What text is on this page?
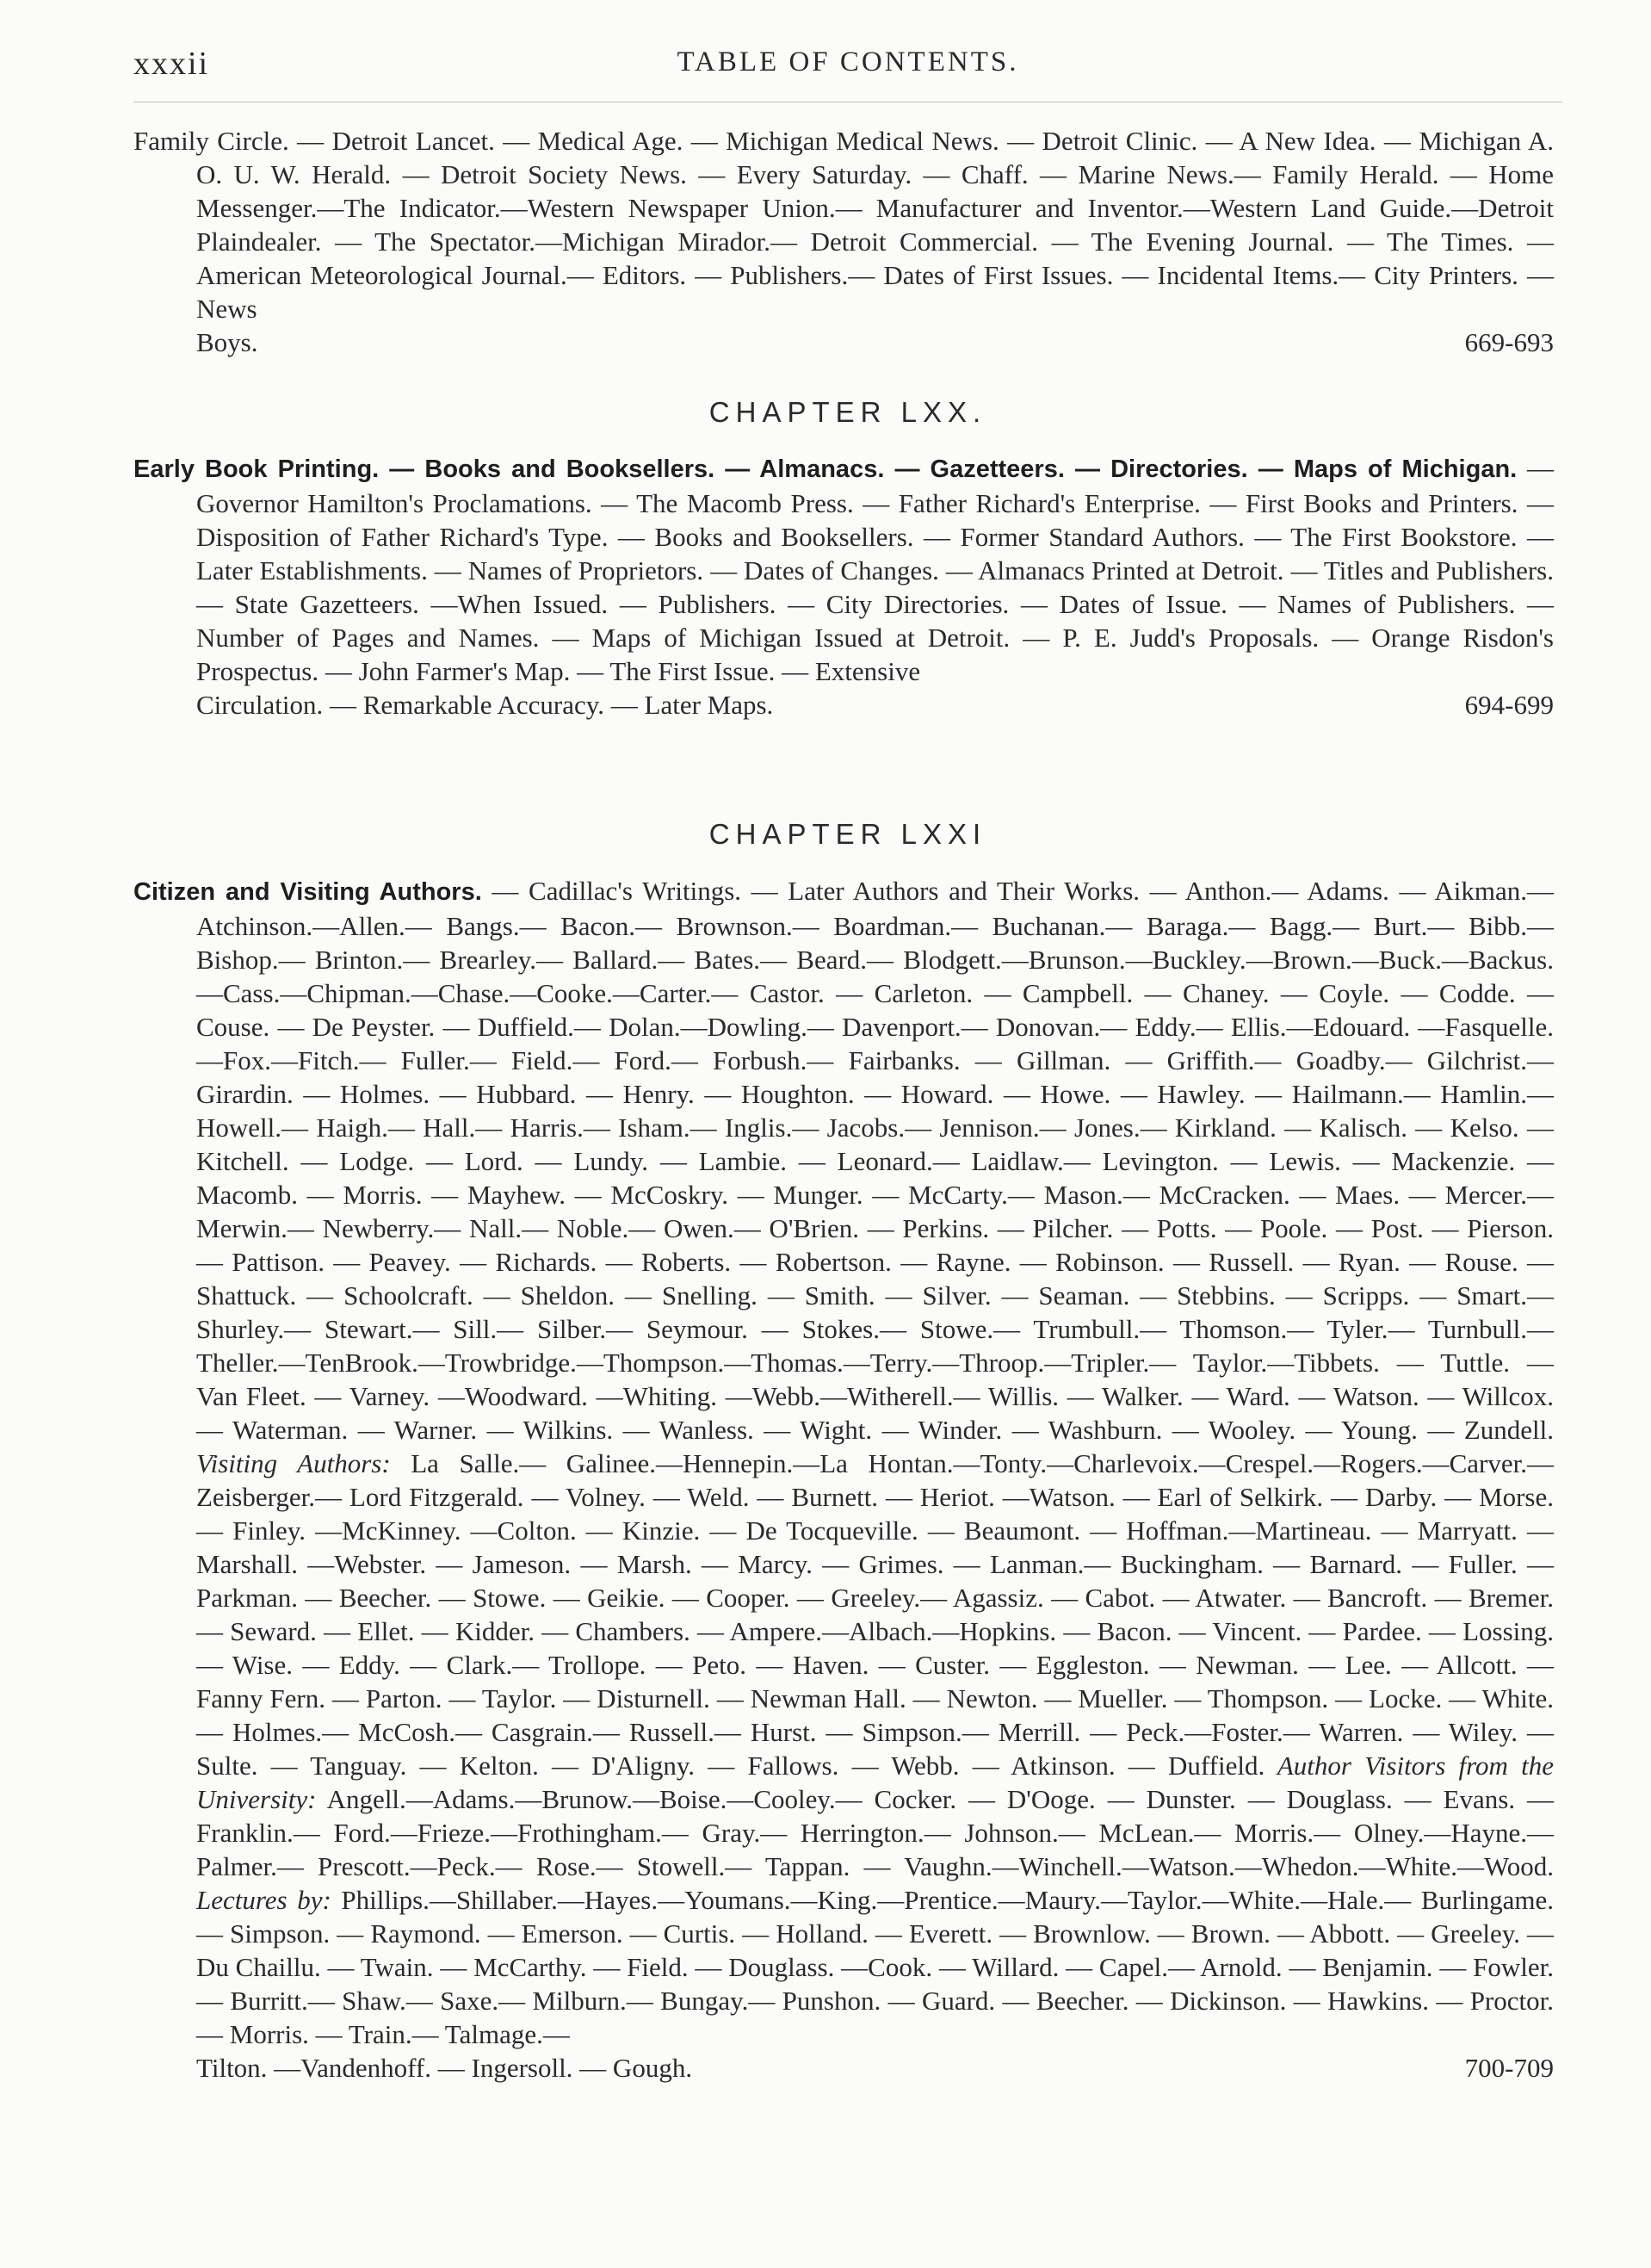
xxxii	TABLE OF CONTENTS.
Family Circle. — Detroit Lancet. — Medical Age. — Michigan Medical News. — Detroit Clinic. — A New Idea. — Michigan A. O. U. W. Herald. — Detroit Society News. — Every Saturday. — Chaff. — Marine News.— Family Herald. — Home Messenger.—The Indicator.—Western Newspaper Union.— Manufacturer and Inventor.—Western Land Guide.—Detroit Plaindealer. — The Spectator.—Michigan Mirador.— Detroit Commercial. — The Evening Journal. — The Times. — American Meteorological Journal.— Editors. — Publishers.— Dates of First Issues. — Incidental Items.— City Printers. — News
Boys.	669-693
CHAPTER LXX.
Early Book Printing. — Books and Booksellers. — Almanacs. — Gazetteers. — Directories. — Maps of Michigan. — Governor Hamilton's Proclamations. — The Macomb Press. — Father Richard's Enterprise. — First Books and Printers. — Disposition of Father Richard's Type. — Books and Booksellers. — Former Standard Authors. — The First Bookstore. — Later Establishments. — Names of Proprietors. — Dates of Changes. — Almanacs Printed at Detroit. — Titles and Publishers. — State Gazetteers. —When Issued. — Publishers. — City Directories. — Dates of Issue. — Names of Publishers. — Number of Pages and Names. — Maps of Michigan Issued at Detroit. — P. E. Judd's Proposals. — Orange Risdon's Prospectus. — John Farmer's Map. — The First Issue. — Extensive
Circulation. — Remarkable Accuracy. — Later Maps.	694-699
CHAPTER LXXI
Citizen and Visiting Authors. — Cadillac's Writings. — Later Authors and Their Works. — Anthon.— Adams. — Aikman.—Atchinson.—Allen.— Bangs.— Bacon.— Brownson.— Boardman.— Buchanan.— Baraga.— Bagg.— Burt.— Bibb.— Bishop.— Brinton.— Brearley.— Ballard.— Bates.— Beard.— Blodgett.—Brunson.—Buckley.—Brown.—Buck.—Backus.—Cass.—Chipman.—Chase.—Cooke.—Carter.— Castor. — Carleton. — Campbell. — Chaney. — Coyle. — Codde. — Couse. — De Peyster. — Duffield.— Dolan.—Dowling.— Davenport.— Donovan.— Eddy.— Ellis.—Edouard. —Fasquelle.—Fox.—Fitch.— Fuller.— Field.— Ford.— Forbush.— Fairbanks. — Gillman. — Griffith.— Goadby.— Gilchrist.— Girardin. — Holmes. — Hubbard. — Henry. — Houghton. — Howard. — Howe. — Hawley. — Hailmann.— Hamlin.— Howell.— Haigh.— Hall.— Harris.— Isham.— Inglis.— Jacobs.— Jennison.— Jones.— Kirkland. — Kalisch. — Kelso. — Kitchell. — Lodge. — Lord. — Lundy. — Lambie. — Leonard.— Laidlaw.— Levington. — Lewis. — Mackenzie. — Macomb. — Morris. — Mayhew. — McCoskry. — Munger. — McCarty.— Mason.— McCracken. — Maes. — Mercer.— Merwin.— Newberry.— Nall.— Noble.— Owen.— O'Brien. — Perkins. — Pilcher. — Potts. — Poole. — Post. — Pierson. — Pattison. — Peavey. — Richards. — Roberts. — Robertson. — Rayne. — Robinson. — Russell. — Ryan. — Rouse. — Shattuck. — Schoolcraft. — Sheldon. — Snelling. — Smith. — Silver. — Seaman. — Stebbins. — Scripps. — Smart.— Shurley.— Stewart.— Sill.— Silber.— Seymour. — Stokes.— Stowe.— Trumbull.— Thomson.— Tyler.— Turnbull.—Theller.—TenBrook.—Trowbridge.—Thompson.—Thomas.—Terry.—Throop.—Tripler.— Taylor.—Tibbets. — Tuttle. — Van Fleet. — Varney. —Woodward. —Whiting. —Webb.—Witherell.— Willis. — Walker. — Ward. — Watson. — Willcox. — Waterman. — Warner. — Wilkins. — Wanless. — Wight. — Winder. — Washburn. — Wooley. — Young. — Zundell. Visiting Authors: La Salle.— Galinee.—Hennepin.—La Hontan.—Tonty.—Charlevoix.—Crespel.—Rogers.—Carver.—Zeisberger.— Lord Fitzgerald. — Volney. — Weld. — Burnett. — Heriot. —Watson. — Earl of Selkirk. — Darby. — Morse. — Finley. —McKinney. —Colton. — Kinzie. — De Tocqueville. — Beaumont. — Hoffman.—Martineau. — Marryatt. — Marshall. —Webster. — Jameson. — Marsh. — Marcy. — Grimes. — Lanman.— Buckingham. — Barnard. — Fuller. — Parkman. — Beecher. — Stowe. — Geikie. — Cooper. — Greeley.— Agassiz. — Cabot. — Atwater. — Bancroft. — Bremer. — Seward. — Ellet. — Kidder. — Chambers. — Ampere.—Albach.—Hopkins. — Bacon. — Vincent. — Pardee. — Lossing. — Wise. — Eddy. — Clark.— Trollope. — Peto. — Haven. — Custer. — Eggleston. — Newman. — Lee. — Allcott. — Fanny Fern. — Parton. — Taylor. — Disturnell. — Newman Hall. — Newton. — Mueller. — Thompson. — Locke. — White.— Holmes.— McCosh.— Casgrain.— Russell.— Hurst. — Simpson.— Merrill. — Peck.—Foster.— Warren. — Wiley. — Sulte. — Tanguay. — Kelton. — D'Aligny. — Fallows. — Webb. — Atkinson. — Duffield. Author Visitors from the University: Angell.—Adams.—Brunow.—Boise.—Cooley.— Cocker. — D'Ooge. — Dunster. — Douglass. — Evans. — Franklin.— Ford.—Frieze.—Frothingham.— Gray.— Herrington.— Johnson.— McLean.— Morris.— Olney.—Hayne.— Palmer.— Prescott.—Peck.— Rose.— Stowell.— Tappan. — Vaughn.—Winchell.—Watson.—Whedon.—White.—Wood. Lectures by: Phillips.—Shillaber.—Hayes.—Youmans.—King.—Prentice.—Maury.—Taylor.—White.—Hale.— Burlingame. — Simpson. — Raymond. — Emerson. — Curtis. — Holland. — Everett. — Brownlow. — Brown. — Abbott. — Greeley. — Du Chaillu. — Twain. — McCarthy. — Field. — Douglass. —Cook. — Willard. — Capel.— Arnold. — Benjamin. — Fowler. — Burritt.— Shaw.— Saxe.— Milburn.— Bungay.— Punshon. — Guard. — Beecher. — Dickinson. — Hawkins. — Proctor. — Morris. — Train.— Talmage.—
Tilton. —Vandenhoff. — Ingersoll. — Gough.	700-709
